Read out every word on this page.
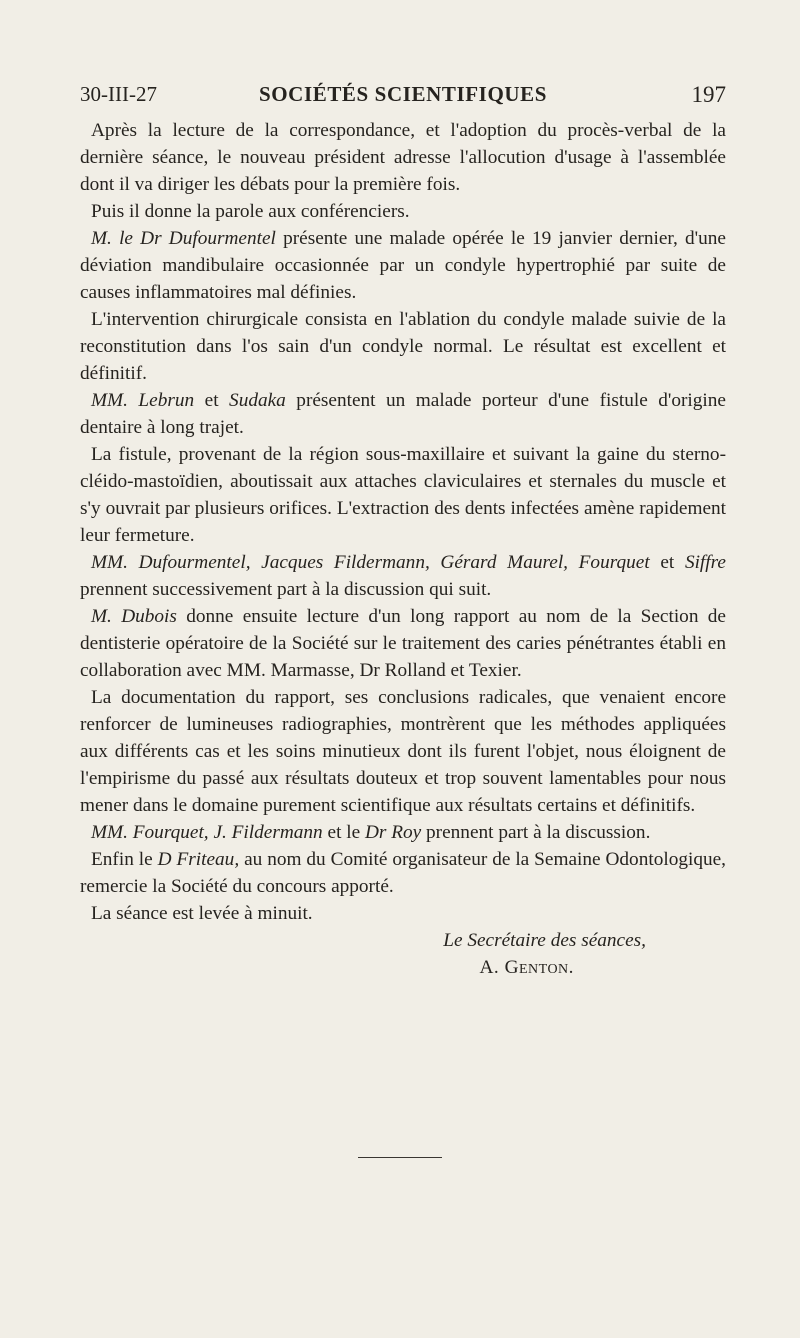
30-III-27	SOCIÉTÉS SCIENTIFIQUES	197

Après la lecture de la correspondance, et l'adoption du procès-verbal de la dernière séance, le nouveau président adresse l'allocution d'usage à l'assemblée dont il va diriger les débats pour la première fois.

Puis il donne la parole aux conférenciers.

M. le Dr Dufourmentel présente une malade opérée le 19 janvier dernier, d'une déviation mandibulaire occasionnée par un condyle hypertrophié par suite de causes inflammatoires mal définies.

L'intervention chirurgicale consista en l'ablation du condyle malade suivie de la reconstitution dans l'os sain d'un condyle normal. Le résultat est excellent et définitif.

MM. Lebrun et Sudaka présentent un malade porteur d'une fistule d'origine dentaire à long trajet.

La fistule, provenant de la région sous-maxillaire et suivant la gaine du sterno-cléido-mastoïdien, aboutissait aux attaches claviculaires et sternales du muscle et s'y ouvrait par plusieurs orifices. L'extraction des dents infectées amène rapidement leur fermeture.

MM. Dufourmentel, Jacques Fildermann, Gérard Maurel, Fourquet et Siffre prennent successivement part à la discussion qui suit.

M. Dubois donne ensuite lecture d'un long rapport au nom de la Section de dentisterie opératoire de la Société sur le traitement des caries pénétrantes établi en collaboration avec MM. Marmasse, Dr Rolland et Texier.

La documentation du rapport, ses conclusions radicales, que venaient encore renforcer de lumineuses radiographies, montrèrent que les méthodes appliquées aux différents cas et les soins minutieux dont ils furent l'objet, nous éloignent de l'empirisme du passé aux résultats douteux et trop souvent lamentables pour nous mener dans le domaine purement scientifique aux résultats certains et définitifs.

MM. Fourquet, J. Fildermann et le Dr Roy prennent part à la discussion.

Enfin le D Friteau, au nom du Comité organisateur de la Semaine Odontologique, remercie la Société du concours apporté.

La séance est levée à minuit.

Le Secrétaire des séances,

A. Genton.
